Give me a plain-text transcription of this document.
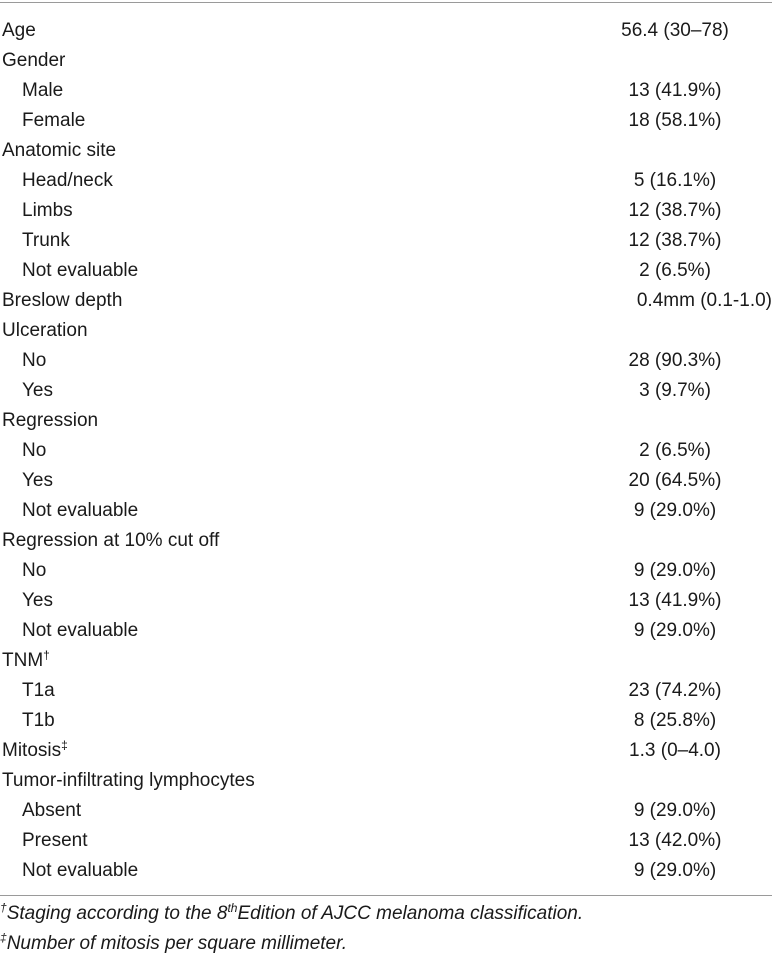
Age	56.4 (30–78)
Gender
Male	13 (41.9%)
Female	18 (58.1%)
Anatomic site
Head/neck	5 (16.1%)
Limbs	12 (38.7%)
Trunk	12 (38.7%)
Not evaluable	2 (6.5%)
Breslow depth	0.4mm (0.1-1.0)
Ulceration
No	28 (90.3%)
Yes	3 (9.7%)
Regression
No	2 (6.5%)
Yes	20 (64.5%)
Not evaluable	9 (29.0%)
Regression at 10% cut off
No	9 (29.0%)
Yes	13 (41.9%)
Not evaluable	9 (29.0%)
TNM†
T1a	23 (74.2%)
T1b	8 (25.8%)
Mitosis‡	1.3 (0–4.0)
Tumor-infiltrating lymphocytes
Absent	9 (29.0%)
Present	13 (42.0%)
Not evaluable	9 (29.0%)
†Staging according to the 8thEdition of AJCC melanoma classification.
‡Number of mitosis per square millimeter.
